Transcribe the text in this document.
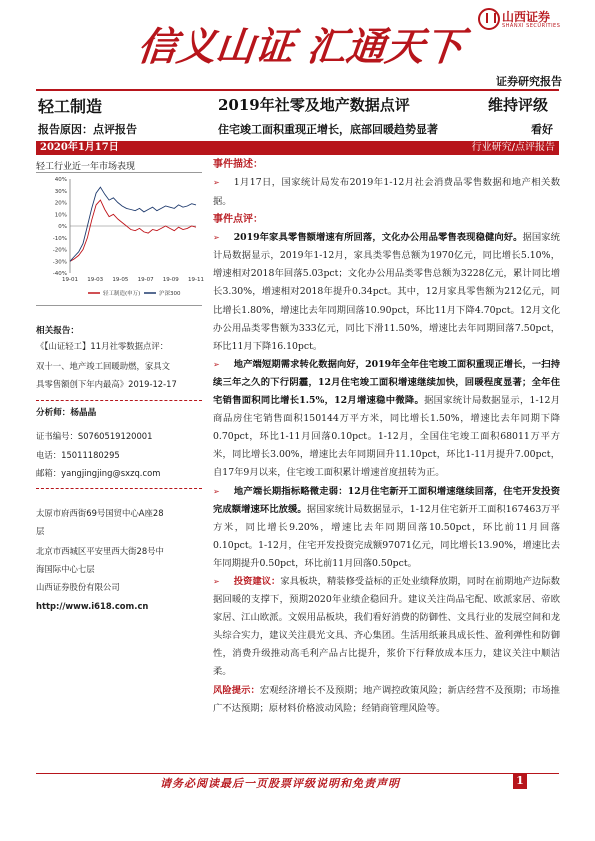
信义山证 汇通天下
山西证券
SHANXI SECURITIES
证券研究报告
轻工制造	2019年社零及地产数据点评	维持评级
报告原因：点评报告	住宅竣工面积重现正增长，底部回暖趋势显著	看好
2020年1月17日	行业研究/点评报告
轻工行业近一年市场表现
40%
30%
20%
10%
0%
-10%
-20%
-30%
-40%
19-01 19-03 19-05 19-07 19-09 19-11
轻工制造(申万)	沪深300
相关报告：
《【山证轻工】11月社零数据点评：
双十一、地产竣工回暖助燃，家具文
具零售额创下年内最高》2019-12-17
分析师：杨晶晶
证书编号：S0760519120001
电话：15011180295
邮箱：yangjingjing@sxzq.com
太原市府西街69号国贸中心A座28
层
北京市西城区平安里西大街28号中
海国际中心七层
山西证券股份有限公司
http://www.i618.com.cn

事件描述：

➢ 1月17日，国家统计局发布2019年1-12月社会消费品零售数据和地产相关数据。

事件点评：

➢ 2019年家具零售额增速有所回落，文化办公用品零售表现稳健向好。据国家统计局数据显示，2019年1-12月，家具类零售总额为1970亿元，同比增长5.10%，增速相对2018年回落5.03pct；文化办公用品类零售总额为3228亿元，累计同比增长3.30%，增速相对2018年提升0.34pct。其中，12月家具零售额为212亿元，同比增长1.80%，增速比去年同期回落10.90pct，环比11月下降4.70pct。12月文化办公用品类零售额为333亿元，同比下滑11.50%，增速比去年同期回落7.50pct，环比11月下降16.10pct。

➢ 地产端短期需求转化数据向好，2019年全年住宅竣工面积重现正增长，一扫持续三年之久的下行阴霾，12月住宅竣工面积增速继续加快，回暖程度显著；全年住宅销售面积同比增长1.5%，12月增速稳中微降。据国家统计局数据显示，1-12月商品房住宅销售面积150144万平方米，同比增长1.50%，增速比去年同期下降0.70pct，环比1-11月回落0.10pct。1-12月，全国住宅竣工面积68011万平方米，同比增长3.00%，增速比去年同期回升11.10pct，环比1-11月提升7.00pct，自17年9月以来，住宅竣工面积累计增速首度扭转为正。

➢ 地产端长期指标略微走弱：12月住宅新开工面积增速继续回落，住宅开发投资完成额增速环比放缓。据国家统计局数据显示，1-12月住宅新开工面积167463万平方米，同比增长9.20%，增速比去年同期回落10.50pct，环比前11月回落0.10pct。1-12月，住宅开发投资完成额97071亿元，同比增长13.90%，增速比去年同期提升0.50pct，环比前11月回落0.50pct。

➢ 投资建议：家具板块，精装修受益标的正处业绩释放期，同时在前期地产边际数据回暖的支撑下，预期2020年业绩企稳回升。建议关注尚品宅配、欧派家居、帝欧家居、江山欧派。文娱用品板块，我们看好消费的防御性、文具行业的发展空间和龙头综合实力，建议关注晨光文具、齐心集团。生活用纸兼具成长性、盈利弹性和防御性，消费升级推动高毛利产品占比提升，浆价下行释放成本压力，建议关注中顺洁柔。

风险提示：宏观经济增长不及预期；地产调控政策风险；新店经营不及预期；市场推广不达预期；原材料价格波动风险；经销商管理风险等。

请务必阅读最后一页股票评级说明和免责声明	1
